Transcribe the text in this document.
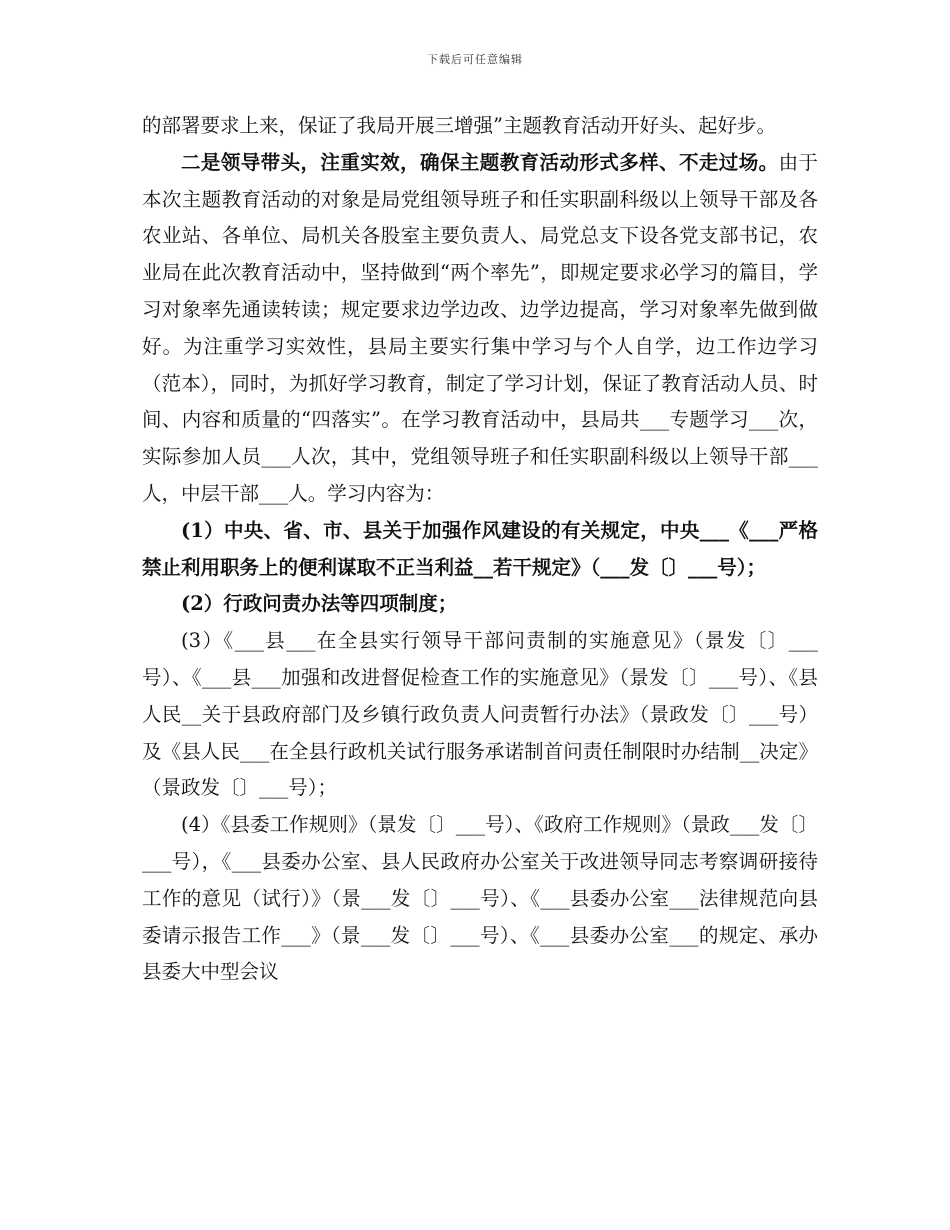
下载后可任意编辑

的部署要求上来，保证了我局开展三增强”主题教育活动开好头、起好步。

二是领导带头，注重实效，确保主题教育活动形式多样、不走过场。由于本次主题教育活动的对象是局党组领导班子和任实职副科级以上领导干部及各农业站、各单位、局机关各股室主要负责人、局党总支下设各党支部书记，农业局在此次教育活动中，坚持做到“两个率先”，即规定要求必学习的篇目，学习对象率先通读转读；规定要求边学边改、边学边提高，学习对象率先做到做好。为注重学习实效性，县局主要实行集中学习与个人自学，边工作边学习（范本），同时，为抓好学习教育，制定了学习计划，保证了教育活动人员、时间、内容和质量的“四落实”。在学习教育活动中，县局共___专题学习___次，实际参加人员___人次，其中，党组领导班子和任实职副科级以上领导干部___人，中层干部___人。学习内容为：

(1）中央、省、市、县关于加强作风建设的有关规定，中央___《___严格禁止利用职务上的便利谋取不正当利益__若干规定》（___发〔〕___号）；

(2）行政问责办法等四项制度；

(3）《___县___在全县实行领导干部问责制的实施意见》（景发〔〕___号）、《___县___加强和改进督促检查工作的实施意见》（景发〔〕___号）、《县人民__关于县政府部门及乡镇行政负责人问责暂行办法》（景政发〔〕___号）及《县人民___在全县行政机关试行服务承诺制首问责任制限时办结制__决定》（景政发〔〕___号）；

(4）《县委工作规则》（景发〔〕___号）、《政府工作规则》（景政___发〔〕___号），《___县委办公室、县人民政府办公室关于改进领导同志考察调研接待工作的意见（试行）》（景___发〔〕___号）、《___县委办公室___法律规范向县委请示报告工作___》（景___发〔〕___号）、《___县委办公室___的规定、承办县委大中型会议
